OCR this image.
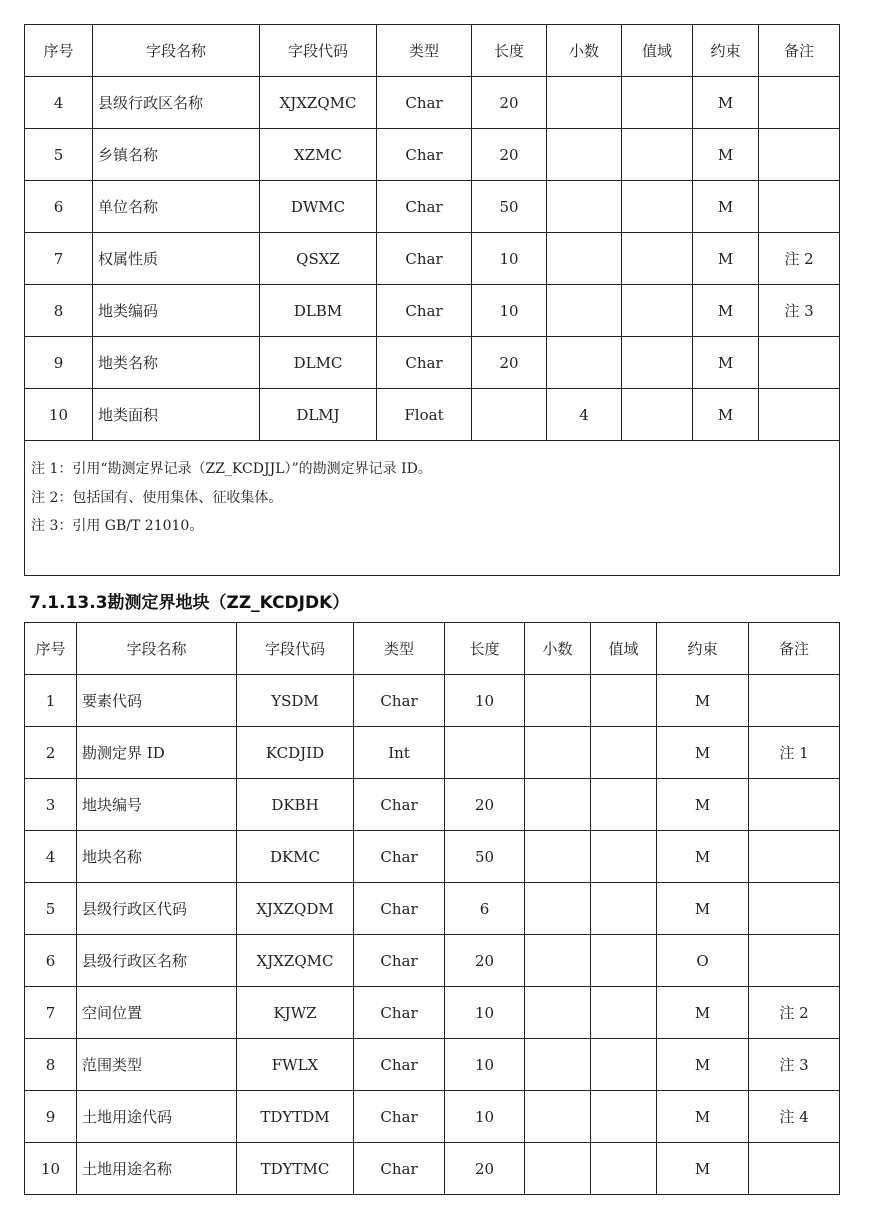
序号	字段名称	字段代码	类型	长度	小数	值域	约束	备注
4	县级行政区名称	XJXZQMC	Char	20			M	
5	乡镇名称	XZMC	Char	20			M	
6	单位名称	DWMC	Char	50			M	
7	权属性质	QSXZ	Char	10			M	注 2
8	地类编码	DLBM	Char	10			M	注 3
9	地类名称	DLMC	Char	20			M	
10	地类面积	DLMJ	Float		4		M	

注 1：引用“勘测定界记录（ZZ_KCDJJL）”的勘测定界记录 ID。
注 2：包括国有、使用集体、征收集体。
注 3：引用 GB/T 21010。								
7.1.13.3勘测定界地块（ZZ_KCDJDK）
序号	字段名称	字段代码	类型	长度	小数	值域	约束	备注
1	要素代码	YSDM	Char	10			M	
2	勘测定界 ID	KCDJID	Int				M	注 1
3	地块编号	DKBH	Char	20			M	
4	地块名称	DKMC	Char	50			M	
5	县级行政区代码	XJXZQDM	Char	6			M	
6	县级行政区名称	XJXZQMC	Char	20			O	
7	空间位置	KJWZ	Char	10			M	注 2
8	范围类型	FWLX	Char	10			M	注 3
9	土地用途代码	TDYTDM	Char	10			M	注 4
10	土地用途名称	TDYTMC	Char	20			M	
